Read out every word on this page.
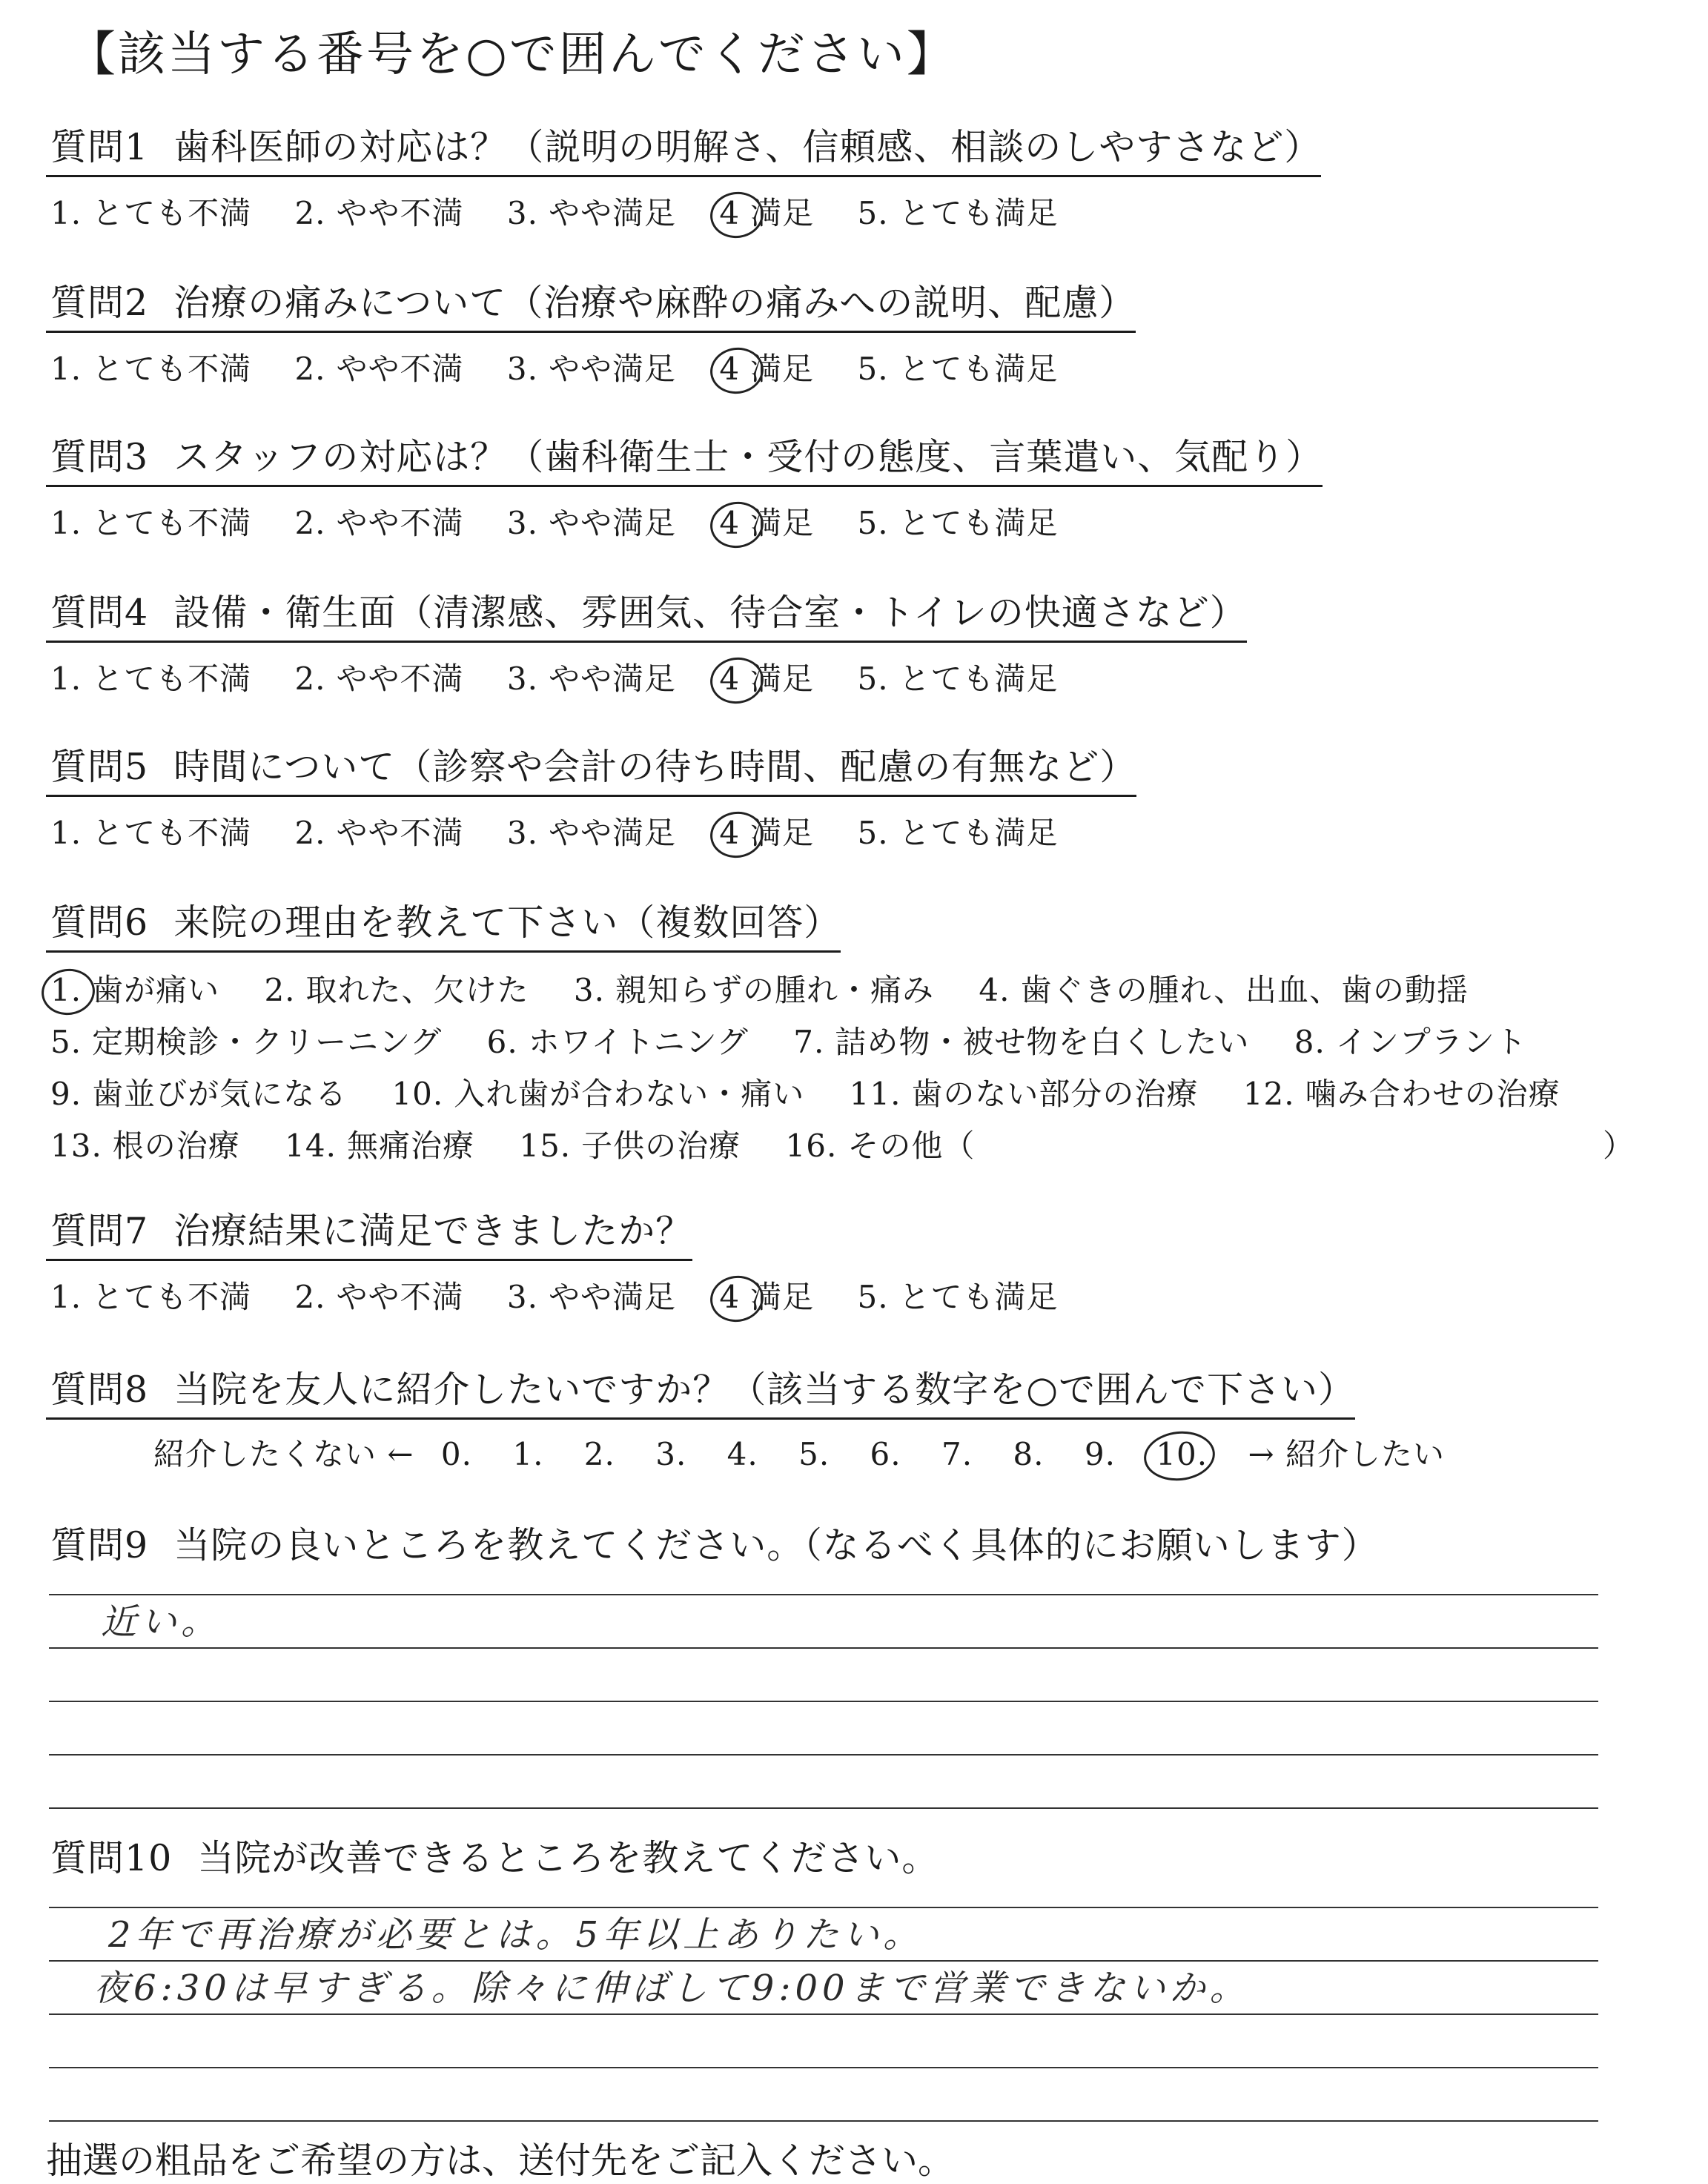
【該当する番号を○で囲んでください】
質問1 歯科医師の対応は？（説明の明解さ、信頼感、相談のしやすさなど）
1. とても不満 2. やや不満 3. やや満足 4 満足 5. とても満足
質問2 治療の痛みについて（治療や麻酔の痛みへの説明、配慮）
1. とても不満 2. やや不満 3. やや満足 4 満足 5. とても満足
質問3 スタッフの対応は？（歯科衛生士・受付の態度、言葉遣い、気配り）
1. とても不満 2. やや不満 3. やや満足 4 満足 5. とても満足
質問4 設備・衛生面（清潔感、雰囲気、待合室・トイレの快適さなど）
1. とても不満 2. やや不満 3. やや満足 4 満足 5. とても満足
質問5 時間について（診察や会計の待ち時間、配慮の有無など）
1. とても不満 2. やや不満 3. やや満足 4 満足 5. とても満足
質問6 来院の理由を教えて下さい（複数回答）
1. 歯が痛い 2. 取れた、欠けた 3. 親知らずの腫れ・痛み 4. 歯ぐきの腫れ、出血、歯の動揺
5. 定期検診・クリーニング 6. ホワイトニング 7. 詰め物・被せ物を白くしたい 8. インプラント
9. 歯並びが気になる 10. 入れ歯が合わない・痛い 11. 歯のない部分の治療 12. 噛み合わせの治療
13. 根の治療 14. 無痛治療 15. 子供の治療 16. その他（	）
質問7 治療結果に満足できましたか？
1. とても不満 2. やや不満 3. やや満足 4 満足 5. とても満足
質問8 当院を友人に紹介したいですか？（該当する数字を○で囲んで下さい）
紹介したくない ← 0. 1. 2. 3. 4. 5. 6. 7. 8. 9. 10. → 紹介したい
質問9 当院の良いところを教えてください。（なるべく具体的にお願いします）
近い。
質問10 当院が改善できるところを教えてください。
2年で再治療が必要とは。5年以上ありたい。
夜6:30は早すぎる。除々に伸ばして9:00まで営業できないか。
抽選の粗品をご希望の方は、送付先をご記入ください。
